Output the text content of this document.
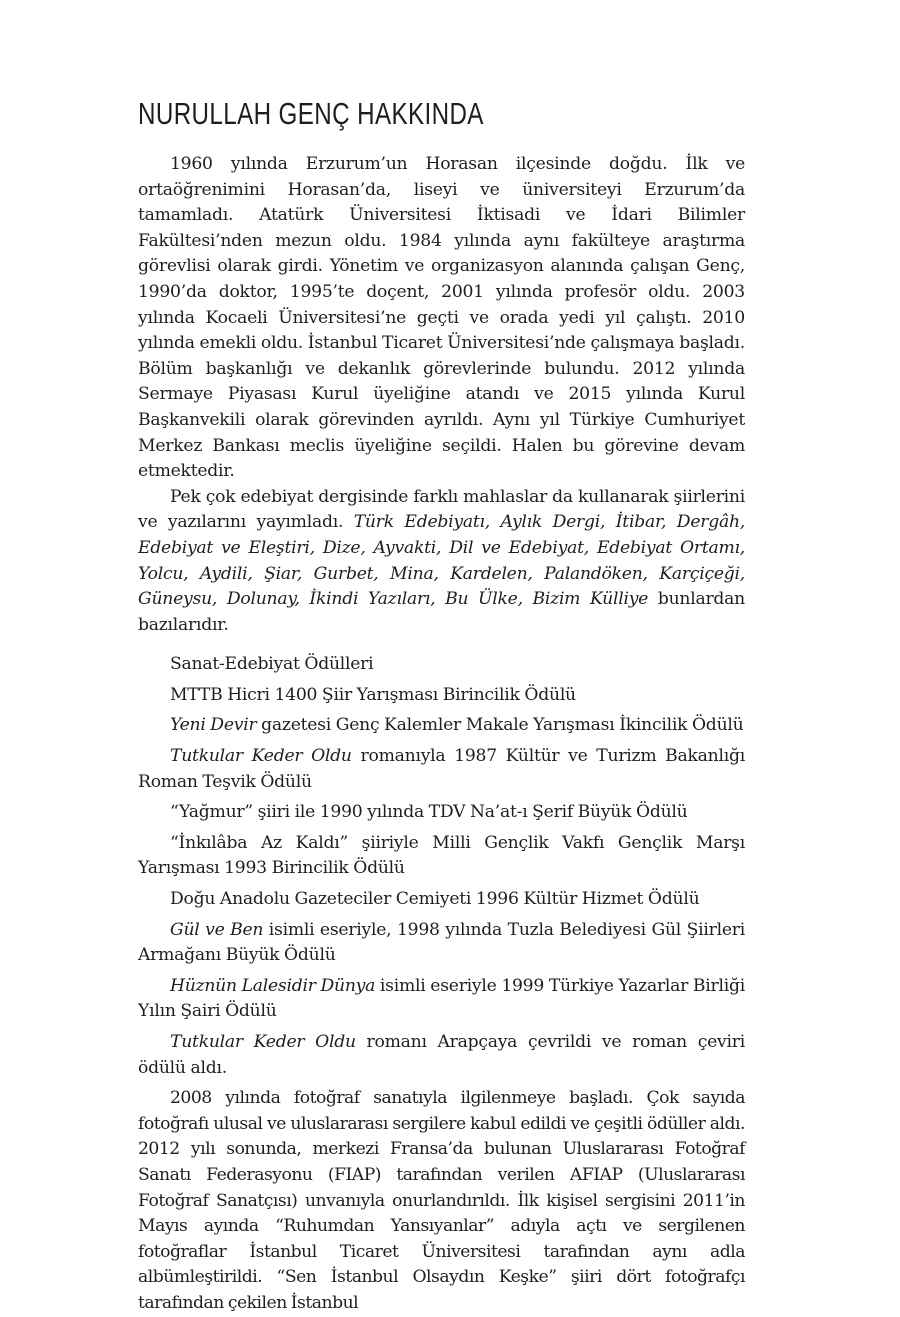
NURULLAH GENÇ HAKKINDA

1960 yılında Erzurum’un Horasan ilçesinde doğdu. İlk ve ortaöğrenimini Horasan’da, liseyi ve üniversiteyi Erzurum’da tamamladı. Atatürk Üniversitesi İktisadi ve İdari Bilimler Fakültesi’nden mezun oldu. 1984 yılında aynı fakülteye araştırma görevlisi olarak girdi. Yönetim ve organizasyon alanında çalışan Genç, 1990’da doktor, 1995’te doçent, 2001 yılında profesör oldu. 2003 yılında Kocaeli Üniversitesi’ne geçti ve orada yedi yıl çalıştı. 2010 yılında emekli oldu. İstanbul Ticaret Üniversitesi’nde çalışmaya başladı. Bölüm başkanlığı ve dekanlık görevlerinde bulundu. 2012 yılında Sermaye Piyasası Kurul üyeliğine atandı ve 2015 yılında Kurul Başkanvekili olarak görevinden ayrıldı. Aynı yıl Türkiye Cumhuriyet Merkez Bankası meclis üyeliğine seçildi. Halen bu görevine devam etmektedir.

Pek çok edebiyat dergisinde farklı mahlaslar da kullanarak şiirlerini ve yazılarını yayımladı. Türk Edebiyatı, Aylık Dergi, İtibar, Dergâh, Edebiyat ve Eleştiri, Dize, Ayvakti, Dil ve Edebiyat, Edebiyat Ortamı, Yolcu, Aydili, Şiar, Gurbet, Mina, Kardelen, Palandöken, Karçiçeği, Güneysu, Dolunay, İkindi Yazıları, Bu Ülke, Bizim Külliye bunlardan bazılarıdır.

Sanat-Edebiyat Ödülleri

MTTB Hicri 1400 Şiir Yarışması Birincilik Ödülü

Yeni Devir gazetesi Genç Kalemler Makale Yarışması İkincilik Ödülü

Tutkular Keder Oldu romanıyla 1987 Kültür ve Turizm Bakanlığı Roman Teşvik Ödülü

“Yağmur” şiiri ile 1990 yılında TDV Na’at-ı Şerif Büyük Ödülü

“İnkılâba Az Kaldı” şiiriyle Milli Gençlik Vakfı Gençlik Marşı Yarışması 1993 Birincilik Ödülü

Doğu Anadolu Gazeteciler Cemiyeti 1996 Kültür Hizmet Ödülü

Gül ve Ben isimli eseriyle, 1998 yılında Tuzla Belediyesi Gül Şiirleri Armağanı Büyük Ödülü

Hüznün Lalesidir Dünya isimli eseriyle 1999 Türkiye Yazarlar Birliği Yılın Şairi Ödülü

Tutkular Keder Oldu romanı Arapçaya çevrildi ve roman çeviri ödülü aldı.

2008 yılında fotoğraf sanatıyla ilgilenmeye başladı. Çok sayıda fotoğrafı ulusal ve uluslararası sergilere kabul edildi ve çeşitli ödüller aldı. 2012 yılı sonunda, merkezi Fransa’da bulunan Uluslararası Fotoğraf Sanatı Federasyonu (FIAP) tarafından verilen AFIAP (Uluslararası Fotoğraf Sanatçısı) unvanıyla onurlandırıldı. İlk kişisel sergisini 2011’in Mayıs ayında “Ruhumdan Yansıyanlar” adıyla açtı ve sergilenen fotoğraflar İstanbul Ticaret Üniversitesi tarafından aynı adla albümleştirildi. “Sen İstanbul Olsaydın Keşke” şiiri dört fotoğrafçı tarafından çekilen İstanbul
